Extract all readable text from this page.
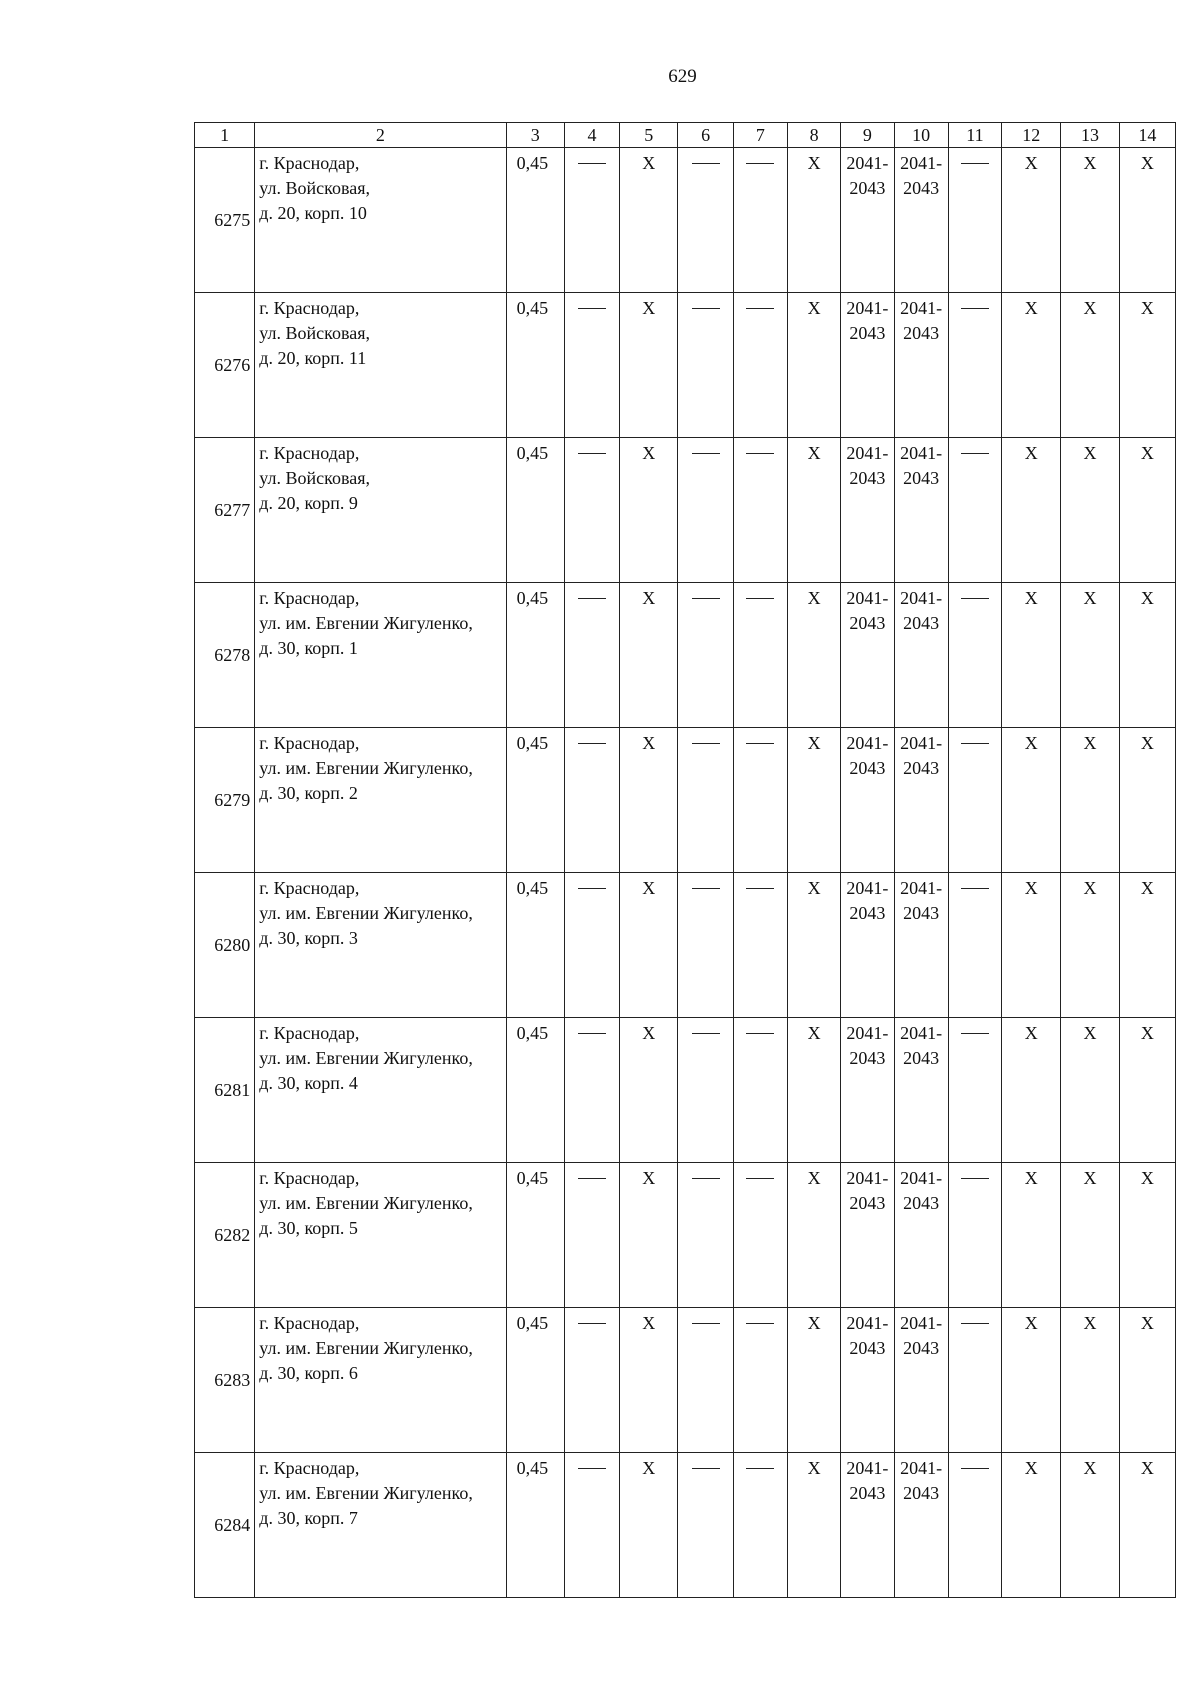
629
1	2	3	4	5	6	7	8	9	10	11	12	13	14
6275	г. Краснодар,
ул. Войсковая,
д. 20, корп. 10	0,45		X			X	2041-
2043	2041-
2043		X	X	X
6276	г. Краснодар,
ул. Войсковая,
д. 20, корп. 11	0,45		X			X	2041-
2043	2041-
2043		X	X	X
6277	г. Краснодар,
ул. Войсковая,
д. 20, корп. 9	0,45		X			X	2041-
2043	2041-
2043		X	X	X
6278	г. Краснодар,
ул. им. Евгении Жигуленко,
д. 30, корп. 1	0,45		X			X	2041-
2043	2041-
2043		X	X	X
6279	г. Краснодар,
ул. им. Евгении Жигуленко,
д. 30, корп. 2	0,45		X			X	2041-
2043	2041-
2043		X	X	X
6280	г. Краснодар,
ул. им. Евгении Жигуленко,
д. 30, корп. 3	0,45		X			X	2041-
2043	2041-
2043		X	X	X
6281	г. Краснодар,
ул. им. Евгении Жигуленко,
д. 30, корп. 4	0,45		X			X	2041-
2043	2041-
2043		X	X	X
6282	г. Краснодар,
ул. им. Евгении Жигуленко,
д. 30, корп. 5	0,45		X			X	2041-
2043	2041-
2043		X	X	X
6283	г. Краснодар,
ул. им. Евгении Жигуленко,
д. 30, корп. 6	0,45		X			X	2041-
2043	2041-
2043		X	X	X
6284	г. Краснодар,
ул. им. Евгении Жигуленко,
д. 30, корп. 7	0,45		X			X	2041-
2043	2041-
2043		X	X	X
